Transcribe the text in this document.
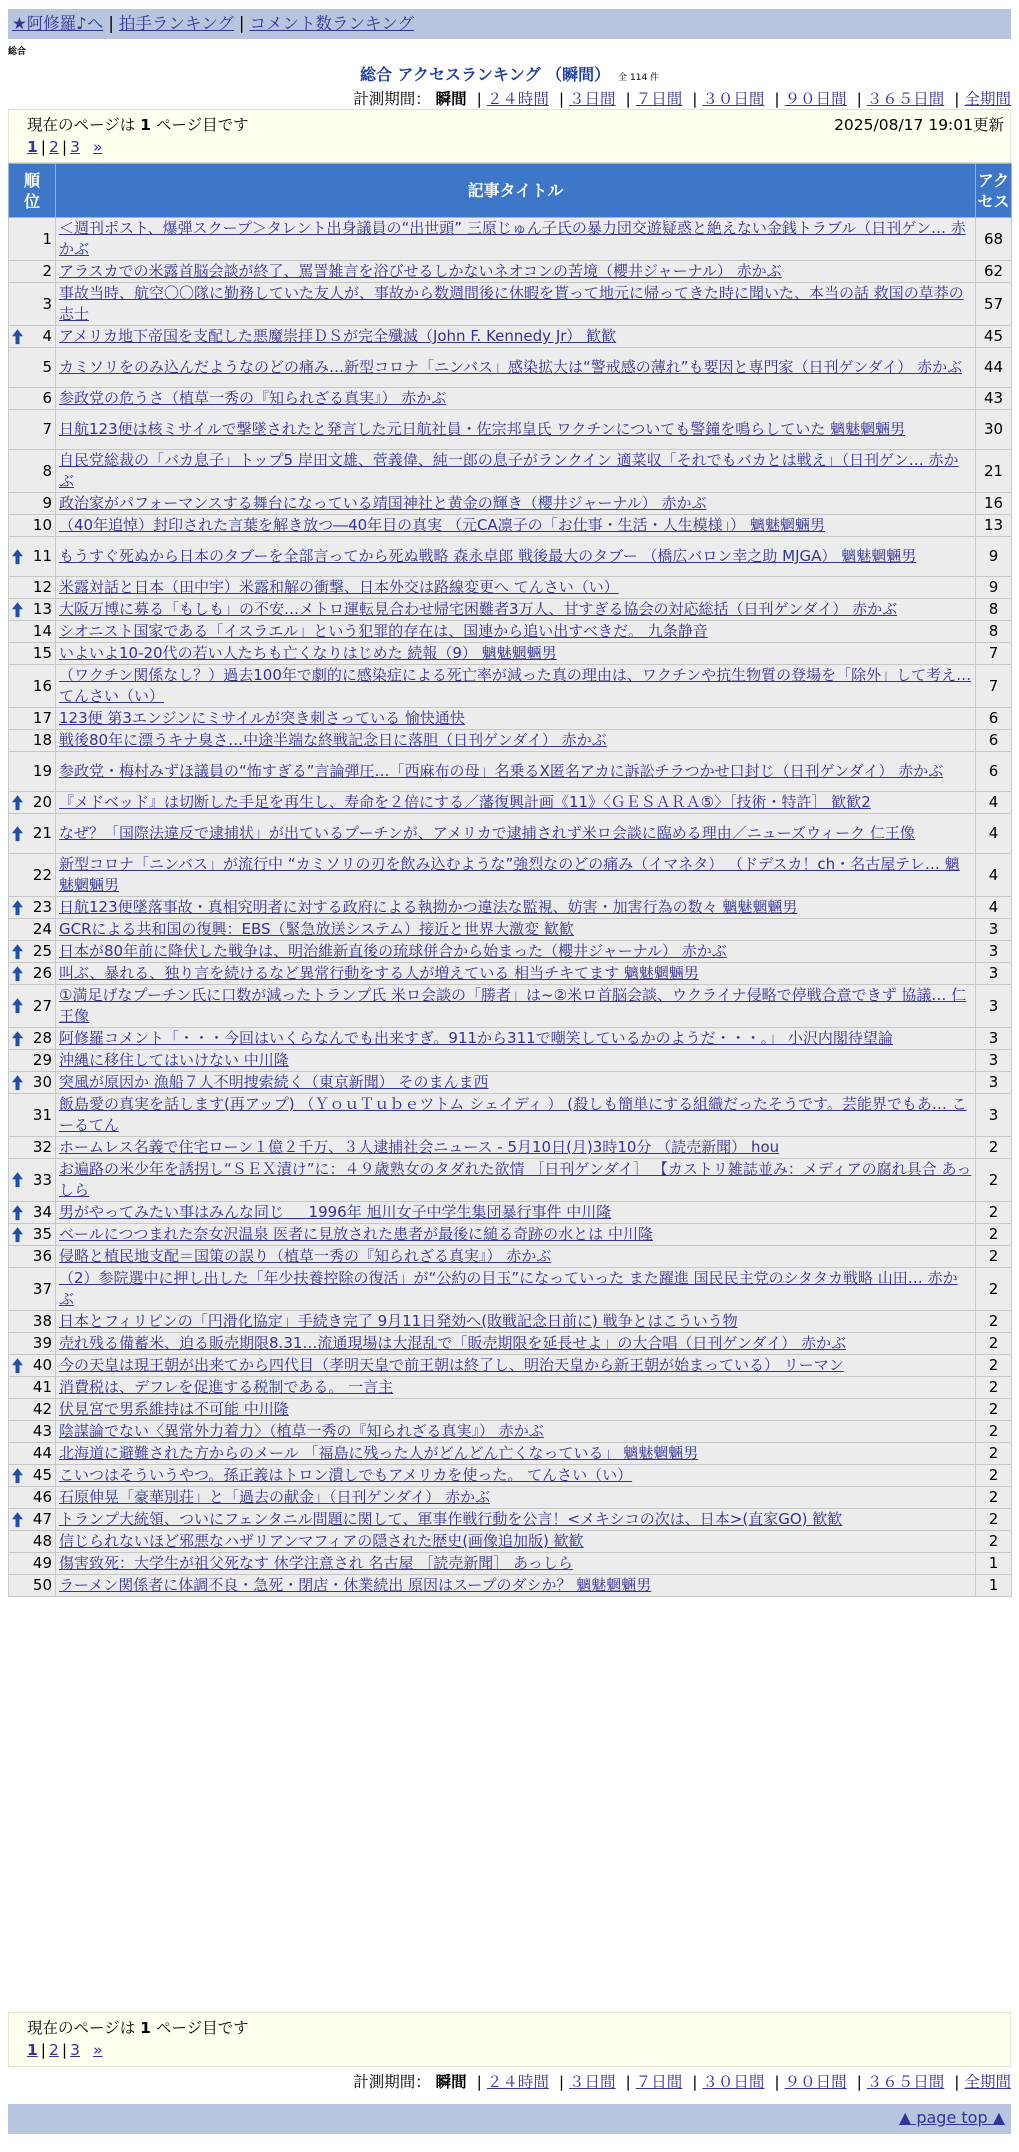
★阿修羅♪へ | 拍手ランキング | コメント数ランキング
総合
総合 アクセスランキング （瞬間） 全 114 件
計測期間： 瞬間 | ２４時間 | ３日間 | ７日間 | ３０日間 | ９０日間 | ３６５日間 | 全期間
現在のページは 1 ページ目です	2025/08/17 19:01更新
1 | 2 | 3 »
順位	記事タイトル	アクセス
1	＜週刊ポスト、爆弾スクープ＞タレント出身議員の“出世頭” 三原じゅん子氏の暴力団交遊疑惑と絶えない金銭トラブル（日刊ゲン… 赤かぶ	68
2	アラスカでの米露首脳会談が終了、罵詈雑言を浴びせるしかないネオコンの苦境（櫻井ジャーナル） 赤かぶ	62
3	事故当時、航空〇〇隊に勤務していた友人が、事故から数週間後に休暇を貰って地元に帰ってきた時に聞いた、本当の話 救国の草莽の志士	57

4	アメリカ地下帝国を支配した悪魔崇拝ＤＳが完全殲滅（John F. Kennedy Jr） 歓歓	45
5	カミソリをのみ込んだようなのどの痛み…新型コロナ「ニンバス」感染拡大は“警戒感の薄れ”も要因と専門家（日刊ゲンダイ） 赤かぶ	44
6	参政党の危うさ（植草一秀の『知られざる真実』） 赤かぶ	43
7	日航123便は核ミサイルで撃墜されたと発言した元日航社員・佐宗邦皇氏 ワクチンについても警鐘を鳴らしていた 魑魅魍魎男	30
8	自民党総裁の「バカ息子」トップ5 岸田文雄、菅義偉、純一郎の息子がランクイン 適菜収「それでもバカとは戦え」（日刊ゲン… 赤かぶ	21
9	政治家がパフォーマンスする舞台になっている靖国神社と黄金の輝き（櫻井ジャーナル） 赤かぶ	16
10	（40年追悼）封印された言葉を解き放つ―40年目の真実 （元CA凛子の「お仕事・生活・人生模様」） 魑魅魍魎男	13

11	もうすぐ死ぬから日本のタブーを全部言ってから死ぬ戦略 森永卓郎 戦後最大のタブー （橋広バロン幸之助 MJGA） 魑魅魍魎男	9
12	米露対話と日本（田中宇）米露和解の衝撃、日本外交は路線変更へ てんさい（い）	9

13	大阪万博に募る「もしも」の不安…メトロ運転見合わせ帰宅困難者3万人、甘すぎる協会の対応総括（日刊ゲンダイ） 赤かぶ	8
14	シオニスト国家である「イスラエル」という犯罪的存在は、国連から追い出すべきだ。 九条静音	8
15	いよいよ10-20代の若い人たちも亡くなりはじめた 続報（9） 魑魅魍魎男	7
16	（ワクチン関係なし？）過去100年で劇的に感染症による死亡率が減った真の理由は、ワクチンや抗生物質の登場を「除外」して考え… てんさい（い）	7
17	123便 第3エンジンにミサイルが突き刺さっている 愉快通快	6
18	戦後80年に漂うキナ臭さ…中途半端な終戦記念日に落胆（日刊ゲンダイ） 赤かぶ	6
19	参政党・梅村みずほ議員の“怖すぎる”言論弾圧…「西麻布の母」名乗るX匿名アカに訴訟チラつかせ口封じ（日刊ゲンダイ） 赤かぶ	6

20	『メドベッド』は切断した手足を再生し、寿命を２倍にする／藩復興計画《11》〈ＧＥＳＡＲＡ⑤〉［技術・特許］ 歓歓2	4

21	なぜ？「国際法違反で逮捕状」が出ているプーチンが、アメリカで逮捕されず米ロ会談に臨める理由／ニューズウィーク 仁王像	4
22	新型コロナ「ニンバス」が流行中 “カミソリの刃を飲み込むような”強烈なのどの痛み（イマネタ） （ドデスカ！ch・名古屋テレ… 魑魅魍魎男	4

23	日航123便墜落事故・真相究明者に対する政府による執拗かつ違法な監視、妨害・加害行為の数々 魑魅魍魎男	4
24	GCRによる共和国の復興：EBS（緊急放送システム）接近と世界大激変 歓歓	3

25	日本が80年前に降伏した戦争は、明治維新直後の琉球併合から始まった（櫻井ジャーナル） 赤かぶ	3

26	叫ぶ、暴れる、独り言を続けるなど異常行動をする人が増えている 相当チキてます 魑魅魍魎男	3

27	①満足げなプーチン氏に口数が減ったトランプ氏 米ロ会談の「勝者」は~②米ロ首脳会談、ウクライナ侵略で停戦合意できず 協議… 仁王像	3

28	阿修羅コメント「・・・今回はいくらなんでも出来すぎ。911から311で嘲笑しているかのようだ・・・。」 小沢内閣待望論	3
29	沖縄に移住してはいけない 中川隆	3

30	突風が原因か 漁船７人不明捜索続く（東京新聞） そのまんま西	3
31	飯島愛の真実を話します(再アップ) （ＹｏｕＴｕｂｅツトム シェイディ ） (殺しも簡単にする組織だったそうです。芸能界でもあ… こーるてん	3
32	ホームレス名義で住宅ローン１億２千万、３人逮捕社会ニュース - 5月10日(月)3時10分 （読売新聞） hou	2

33	お遍路の米少年を誘拐し“ＳＥＸ漬け”に：４９歳熟女のタダれた欲情 ［日刊ゲンダイ］ 【カストリ雑誌並み：メディアの腐れ具合 あっしら	2

34	男がやってみたい事はみんな同じ ＿ 1996年 旭川女子中学生集団暴行事件 中川隆	2

35	ベールにつつまれた奈女沢温泉 医者に見放された患者が最後に縋る奇跡の水とは 中川隆	2
36	侵略と植民地支配＝国策の誤り（植草一秀の『知られざる真実』） 赤かぶ	2
37	（2）参院選中に押し出した「年少扶養控除の復活」が“公約の目玉”になっていった また躍進 国民民主党のシタタカ戦略 山田… 赤かぶ	2
38	日本とフィリピンの「円滑化協定」手続き完了 9月11日発効へ(敗戦記念日前に) 戦争とはこういう物	2
39	売れ残る備蓄米、迫る販売期限8.31…流通現場は大混乱で「販売期限を延長せよ」の大合唱（日刊ゲンダイ） 赤かぶ	2

40	今の天皇は現王朝が出来てから四代目（孝明天皇で前王朝は終了し、明治天皇から新王朝が始まっている） リーマン	2
41	消費税は、デフレを促進する税制である。 一言主	2
42	伏見宮で男系維持は不可能 中川隆	2
43	陰謀論でない〈異常外力着力〉（植草一秀の『知られざる真実』） 赤かぶ	2
44	北海道に避難された方からのメール 「福島に残った人がどんどん亡くなっている」 魑魅魍魎男	2

45	こいつはそういうやつ。孫正義はトロン潰しでもアメリカを使った。 てんさい（い）	2
46	石原伸晃「豪華別荘」と「過去の献金」（日刊ゲンダイ） 赤かぶ	2

47	トランプ大統領、ついにフェンタニル問題に関して、軍事作戦行動を公言！<メキシコの次は、日本>(直家GO) 歓歓	2
48	信じられないほど邪悪なハザリアンマフィアの隠された歴史(画像追加版) 歓歓	2
49	傷害致死：大学生が祖父死なす 休学注意され 名古屋 ［読売新聞］ あっしら	1
50	ラーメン関係者に体調不良・急死・閉店・休業続出 原因はスープのダシか？ 魑魅魍魎男	1
現在のページは 1 ページ目です
1 | 2 | 3 »
計測期間： 瞬間 | ２４時間 | ３日間 | ７日間 | ３０日間 | ９０日間 | ３６５日間 | 全期間
▲ page top ▲
